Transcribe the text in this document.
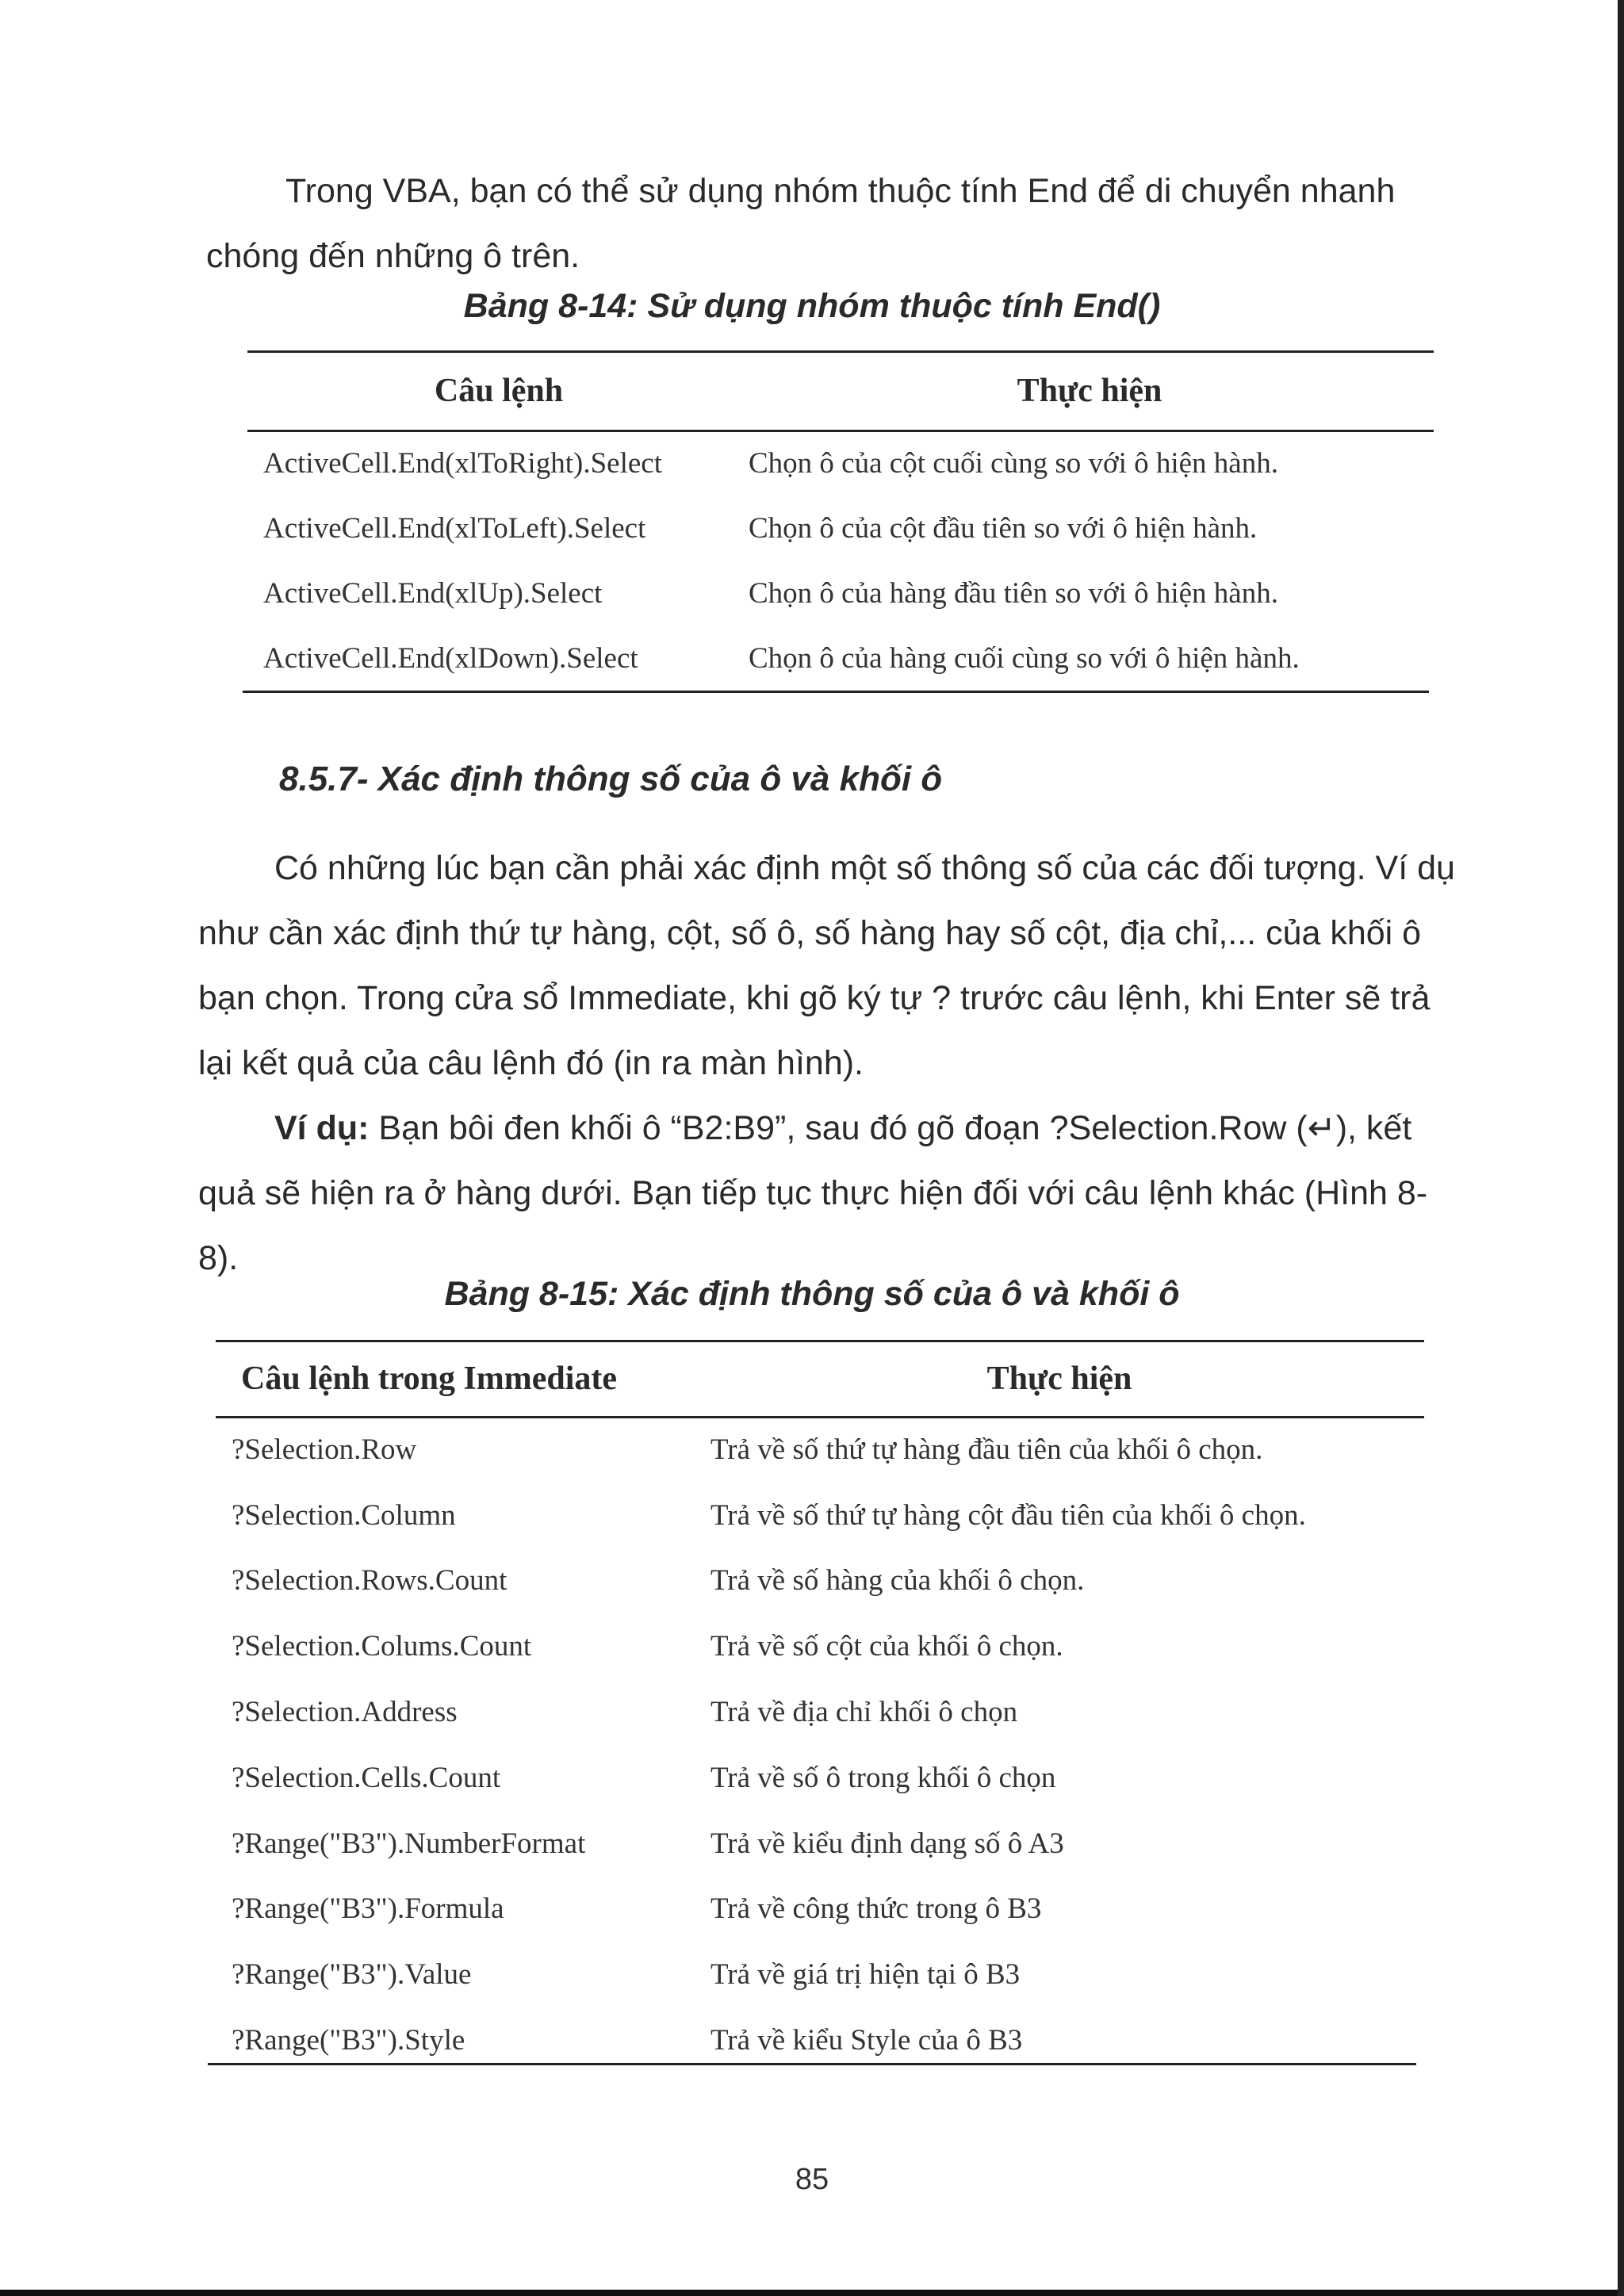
Trong VBA, bạn có thể sử dụng nhóm thuộc tính End để di chuyển nhanh chóng đến những ô trên.

Bảng 8-14: Sử dụng nhóm thuộc tính End()

Câu lệnh	Thực hiện
ActiveCell.End(xlToRight).Select	Chọn ô của cột cuối cùng so với ô hiện hành.
ActiveCell.End(xlToLeft).Select	Chọn ô của cột đầu tiên so với ô hiện hành.
ActiveCell.End(xlUp).Select	Chọn ô của hàng đầu tiên so với ô hiện hành.
ActiveCell.End(xlDown).Select	Chọn ô của hàng cuối cùng so với ô hiện hành.

8.5.7- Xác định thông số của ô và khối ô

Có những lúc bạn cần phải xác định một số thông số của các đối tượng. Ví dụ như cần xác định thứ tự hàng, cột, số ô, số hàng hay số cột, địa chỉ,... của khối ô bạn chọn. Trong cửa sổ Immediate, khi gõ ký tự ? trước câu lệnh, khi Enter sẽ trả lại kết quả của câu lệnh đó (in ra màn hình).

Ví dụ: Bạn bôi đen khối ô “B2:B9”, sau đó gõ đoạn ?Selection.Row (↵), kết quả sẽ hiện ra ở hàng dưới. Bạn tiếp tục thực hiện đối với câu lệnh khác (Hình 8-8).

Bảng 8-15: Xác định thông số của ô và khối ô

Câu lệnh trong Immediate	Thực hiện
?Selection.Row	Trả về số thứ tự hàng đầu tiên của khối ô chọn.
?Selection.Column	Trả về số thứ tự hàng cột đầu tiên của khối ô chọn.
?Selection.Rows.Count	Trả về số hàng của khối ô chọn.
?Selection.Colums.Count	Trả về số cột của khối ô chọn.
?Selection.Address	Trả về địa chỉ khối ô chọn
?Selection.Cells.Count	Trả về số ô trong khối ô chọn
?Range("B3").NumberFormat	Trả về kiểu định dạng số ô A3
?Range("B3").Formula	Trả về công thức trong ô B3
?Range("B3").Value	Trả về giá trị hiện tại ô B3
?Range("B3").Style	Trả về kiểu Style của ô B3

85
